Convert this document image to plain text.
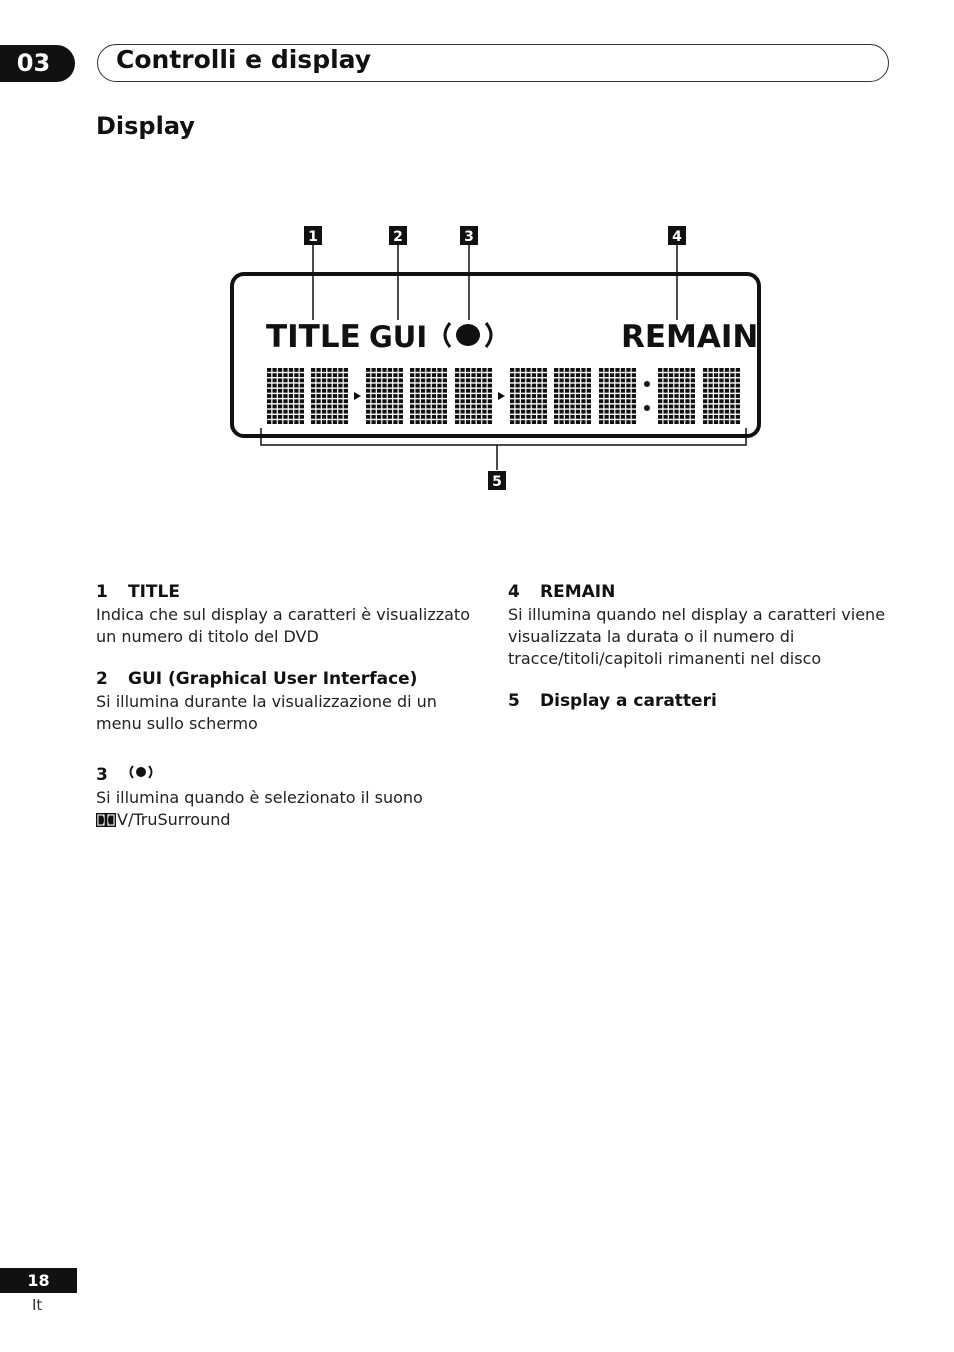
03	Controlli e display
Display
1	2	3	4
TITLE GUI	REMAIN
5
1	TITLE
Indica che sul display a caratteri è visualizzato un numero di titolo del DVD
2	GUI (Graphical User Interface)
Si illumina durante la visualizzazione di un menu sullo schermo
3
Si illumina quando è selezionato il suono
V/TruSurround
4	REMAIN
Si illumina quando nel display a caratteri viene visualizzata la durata o il numero di tracce/titoli/capitoli rimanenti nel disco
5	Display a caratteri
18
It
